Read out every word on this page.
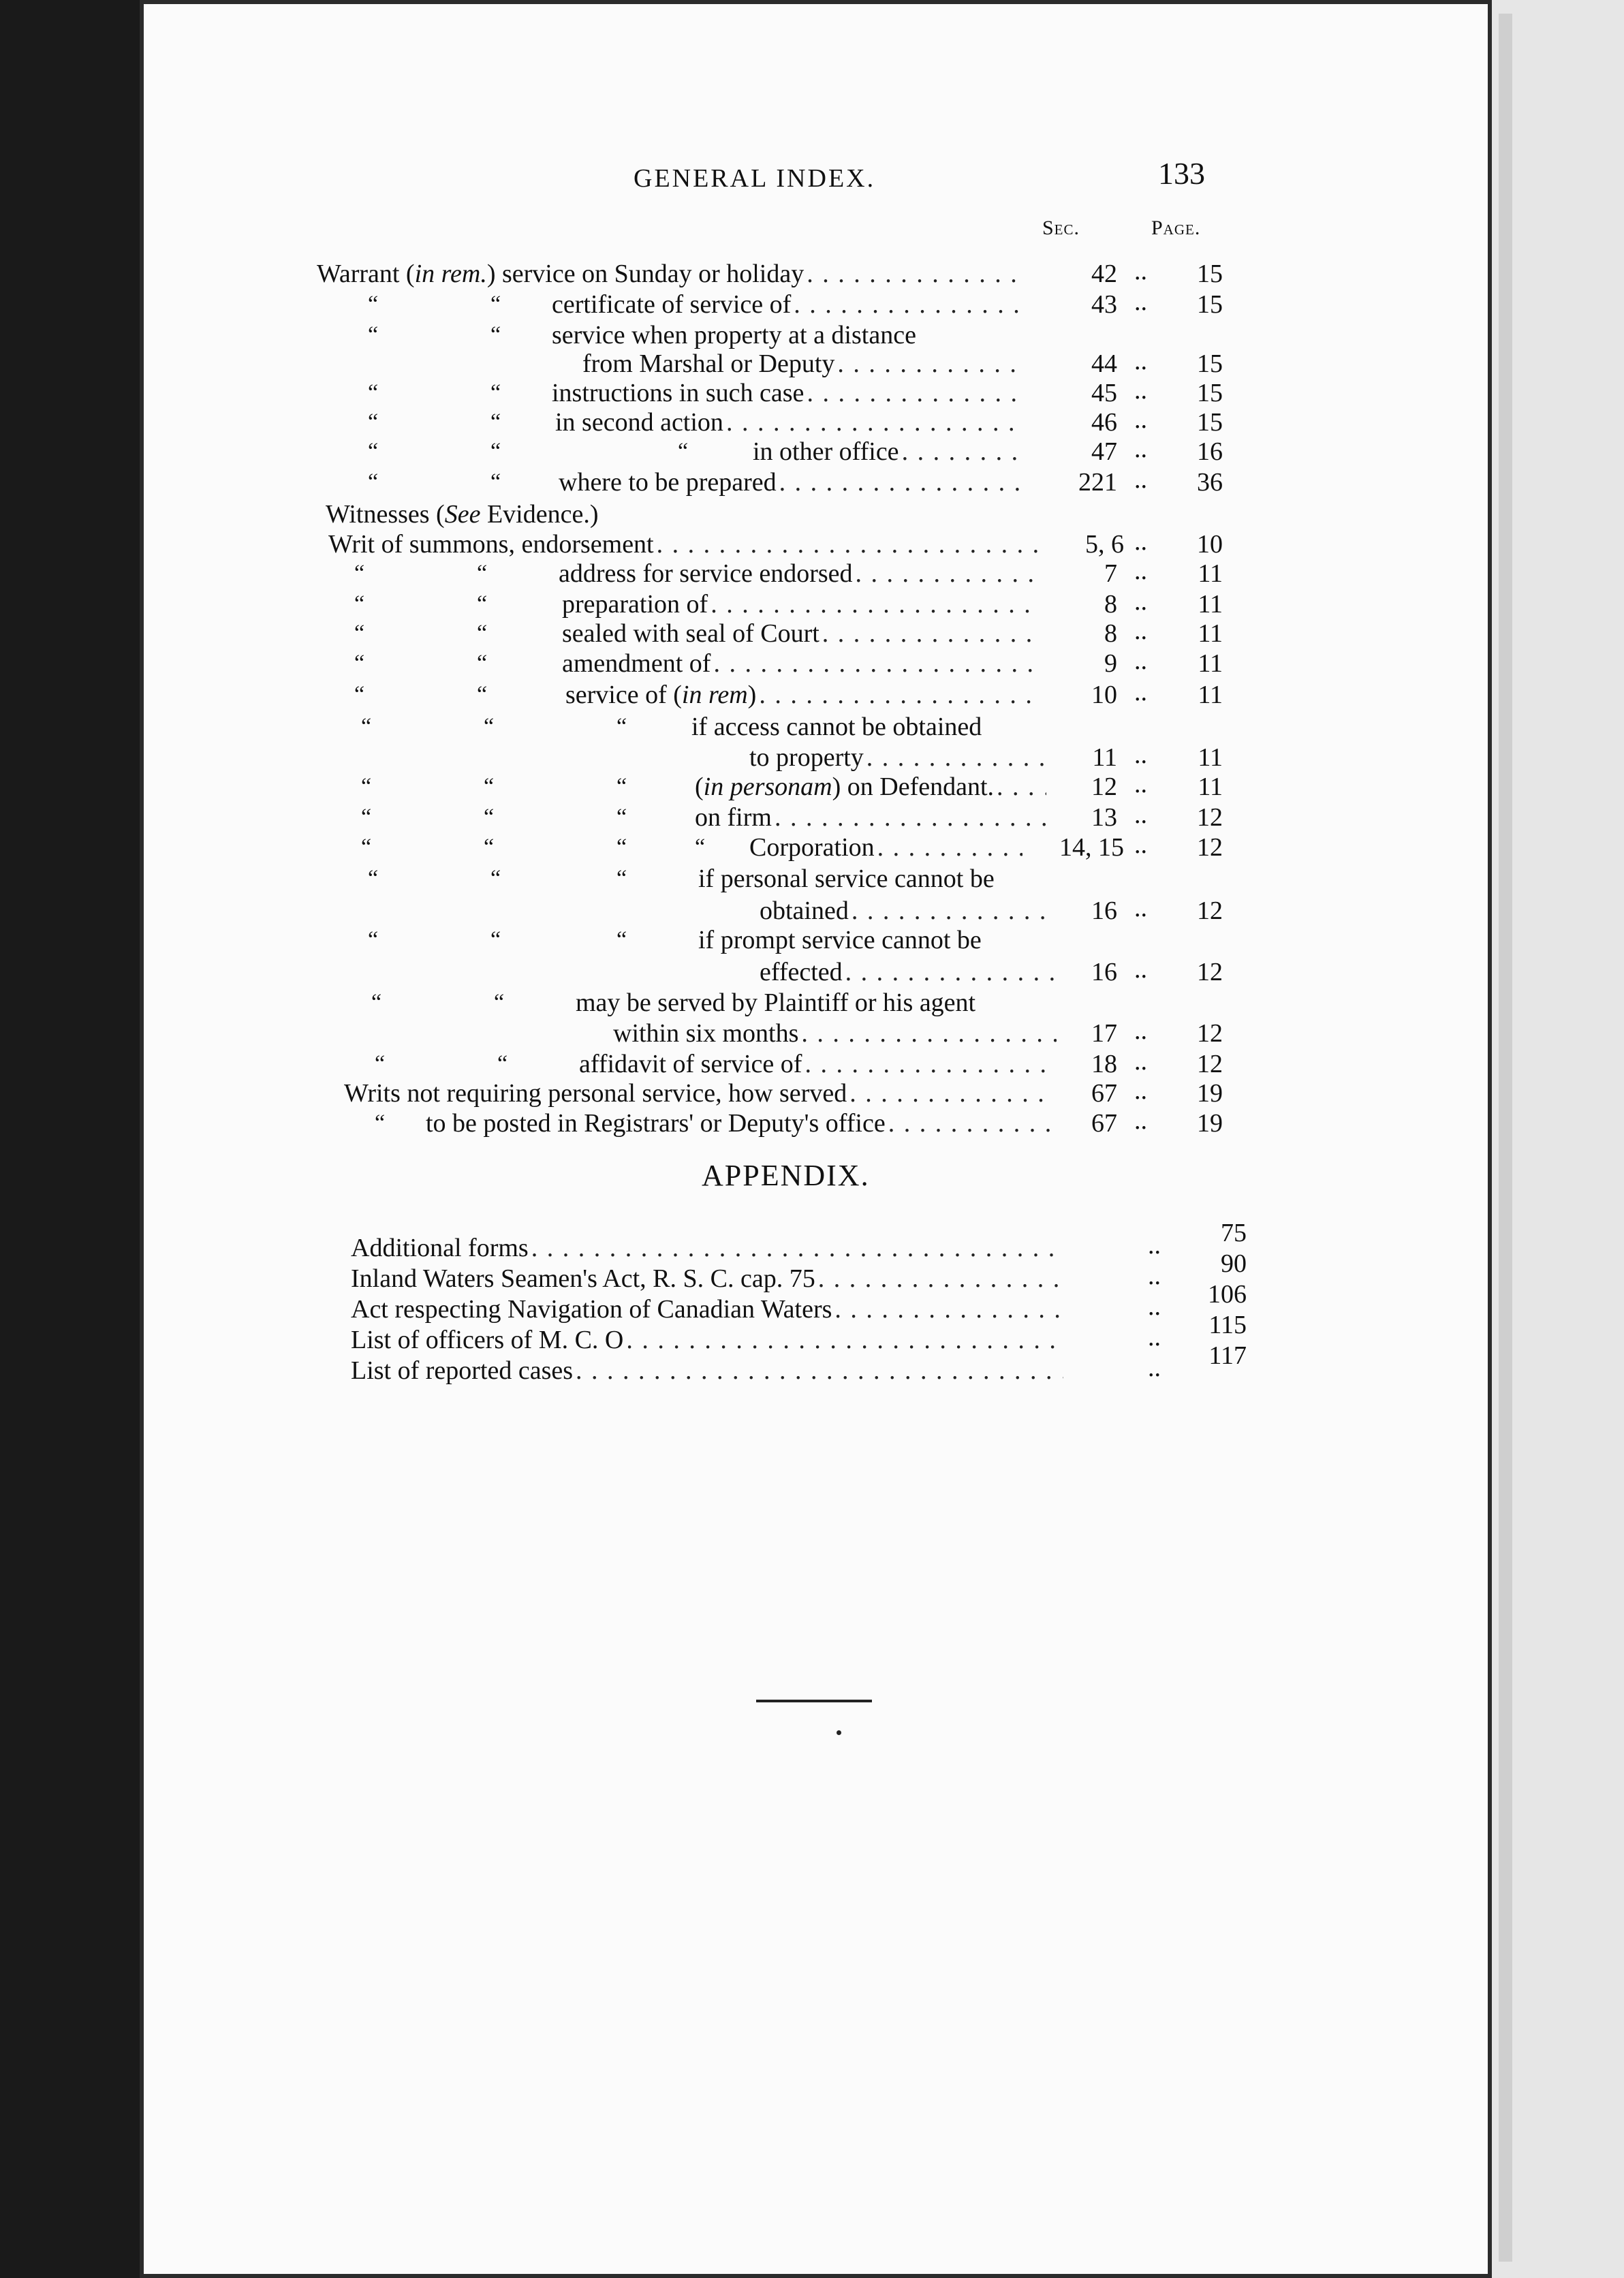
GENERAL INDEX.	133
Sec.	Page.
Warrant (in rem.) service on Sunday or holiday . . .	42 ..	15
“	“ certificate of service of . . .	43 ..	15
“	“ service when property at a distance
from Marshal or Deputy . . .	44 ..	15
“	“ instructions in such case . . .	45 ..	15
“	“ in second action . . .	46 ..	15
“	“	“ in other office . . .	47 ..	16
“	“ where to be prepared . . .	221 ..	36
Witnesses (See Evidence.)
Writ of summons, endorsement . . .	5, 6 ..	10
“	“	address for service endorsed . . .	7 ..	11
“	“	preparation of . . .	8 ..	11
“	“	sealed with seal of Court . . .	8 ..	11
“	“	amendment of . . .	9 ..	11
“	“	service of (in rem) . . .	10 ..	11
“	“	“ if access cannot be obtained
to property . . .	11 ..	11
“	“	“	(in personam) on Defendant. . . .	12 ..	11
“	“	“	on firm . . .	13 ..	12
“	“	“	“ Corporation . . .	14, 15 ..	12
“	“	“	if personal service cannot be
obtained . . .	16 ..	12
“	“	“	if prompt service cannot be
effected . . .	16 ..	12
“	“	may be served by Plaintiff or his agent
within six months . . .	17 ..	12
“	“	affidavit of service of . . .	18 ..	12
Writs not requiring personal service, how served . . .	67 ..	19
“ to be posted in Registrars' or Deputy's office . . .	67 ..	19
APPENDIX.
Additional forms . . .	..	75
Inland Waters Seamen's Act, R. S. C. cap. 75 . . .	..	90
Act respecting Navigation of Canadian Waters . . .	..	106
List of officers of M. C. O . . .	..	115
List of reported cases . . .	..	117
